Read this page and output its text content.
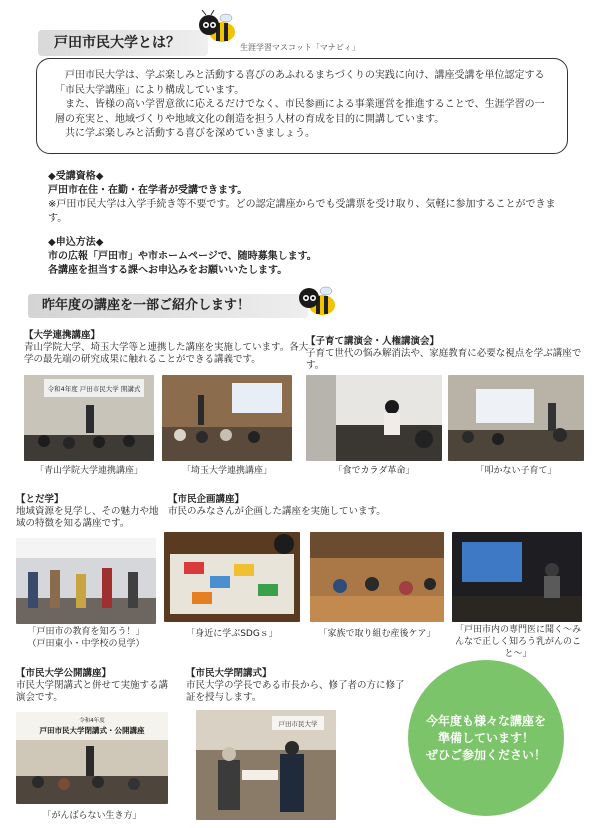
戸田市民大学とは？	生涯学習マスコット「マナビィ」

戸田市民大学は、学ぶ楽しみと活動する喜びのあふれるまちづくりの実践に向け、講座受講を単位認定する「市民大学講座」により構成しています。

また、皆様の高い学習意欲に応えるだけでなく、市民参画による事業運営を推進することで、生涯学習の一層の充実と、地域づくりや地域文化の創造を担う人材の育成を目的に開講しています。

共に学ぶ楽しみと活動する喜びを深めていきましょう。

◆受講資格◆
戸田市在住・在勤・在学者が受講できます。
※戸田市民大学は入学手続き等不要です。どの認定講座からでも受講票を受け取り、気軽に参加することができます。
◆申込方法◆
市の広報「戸田市」や市ホームページで、随時募集します。
各講座を担当する課へお申込みをお願いいたします。
昨年度の講座を一部ご紹介します！
【大学連携講座】
青山学院大学、埼玉大学等と連携した講座を実施しています。各大学の最先端の研究成果に触れることができる講義です。
令和4年度 戸田市民大学 開講式
「青山学院大学連携講座」	「埼玉大学連携講座」
【子育て講演会・人権講演会】
子育て世代の悩み解消法や、家庭教育に必要な視点を学ぶ講座です。
「食でカラダ革命」	「叩かない子育て」
【とだ学】
地域資源を見学し、その魅力や地域の特徴を知る講座です。
「戸田市の教育を知ろう！」
（戸田東小・中学校の見学）
【市民企画講座】
市民のみなさんが企画した講座を実施しています。
「身近に学ぶSDGｓ」	「家族で取り組む産後ケア」	「戸田市内の専門医に聞く～みんなで正しく知ろう乳がんのこと～」
【市民大学公開講座】
市民大学閉講式と併せて実施する講演会です。
令和4年度
戸田市民大学閉講式・公開講座
「がんばらない生き方」
【市民大学閉講式】
市民大学の学長である市長から、修了者の方に修了証を授与します。
戸田市民大学	今年度も様々な講座を
準備しています！
ぜひご参加ください！
